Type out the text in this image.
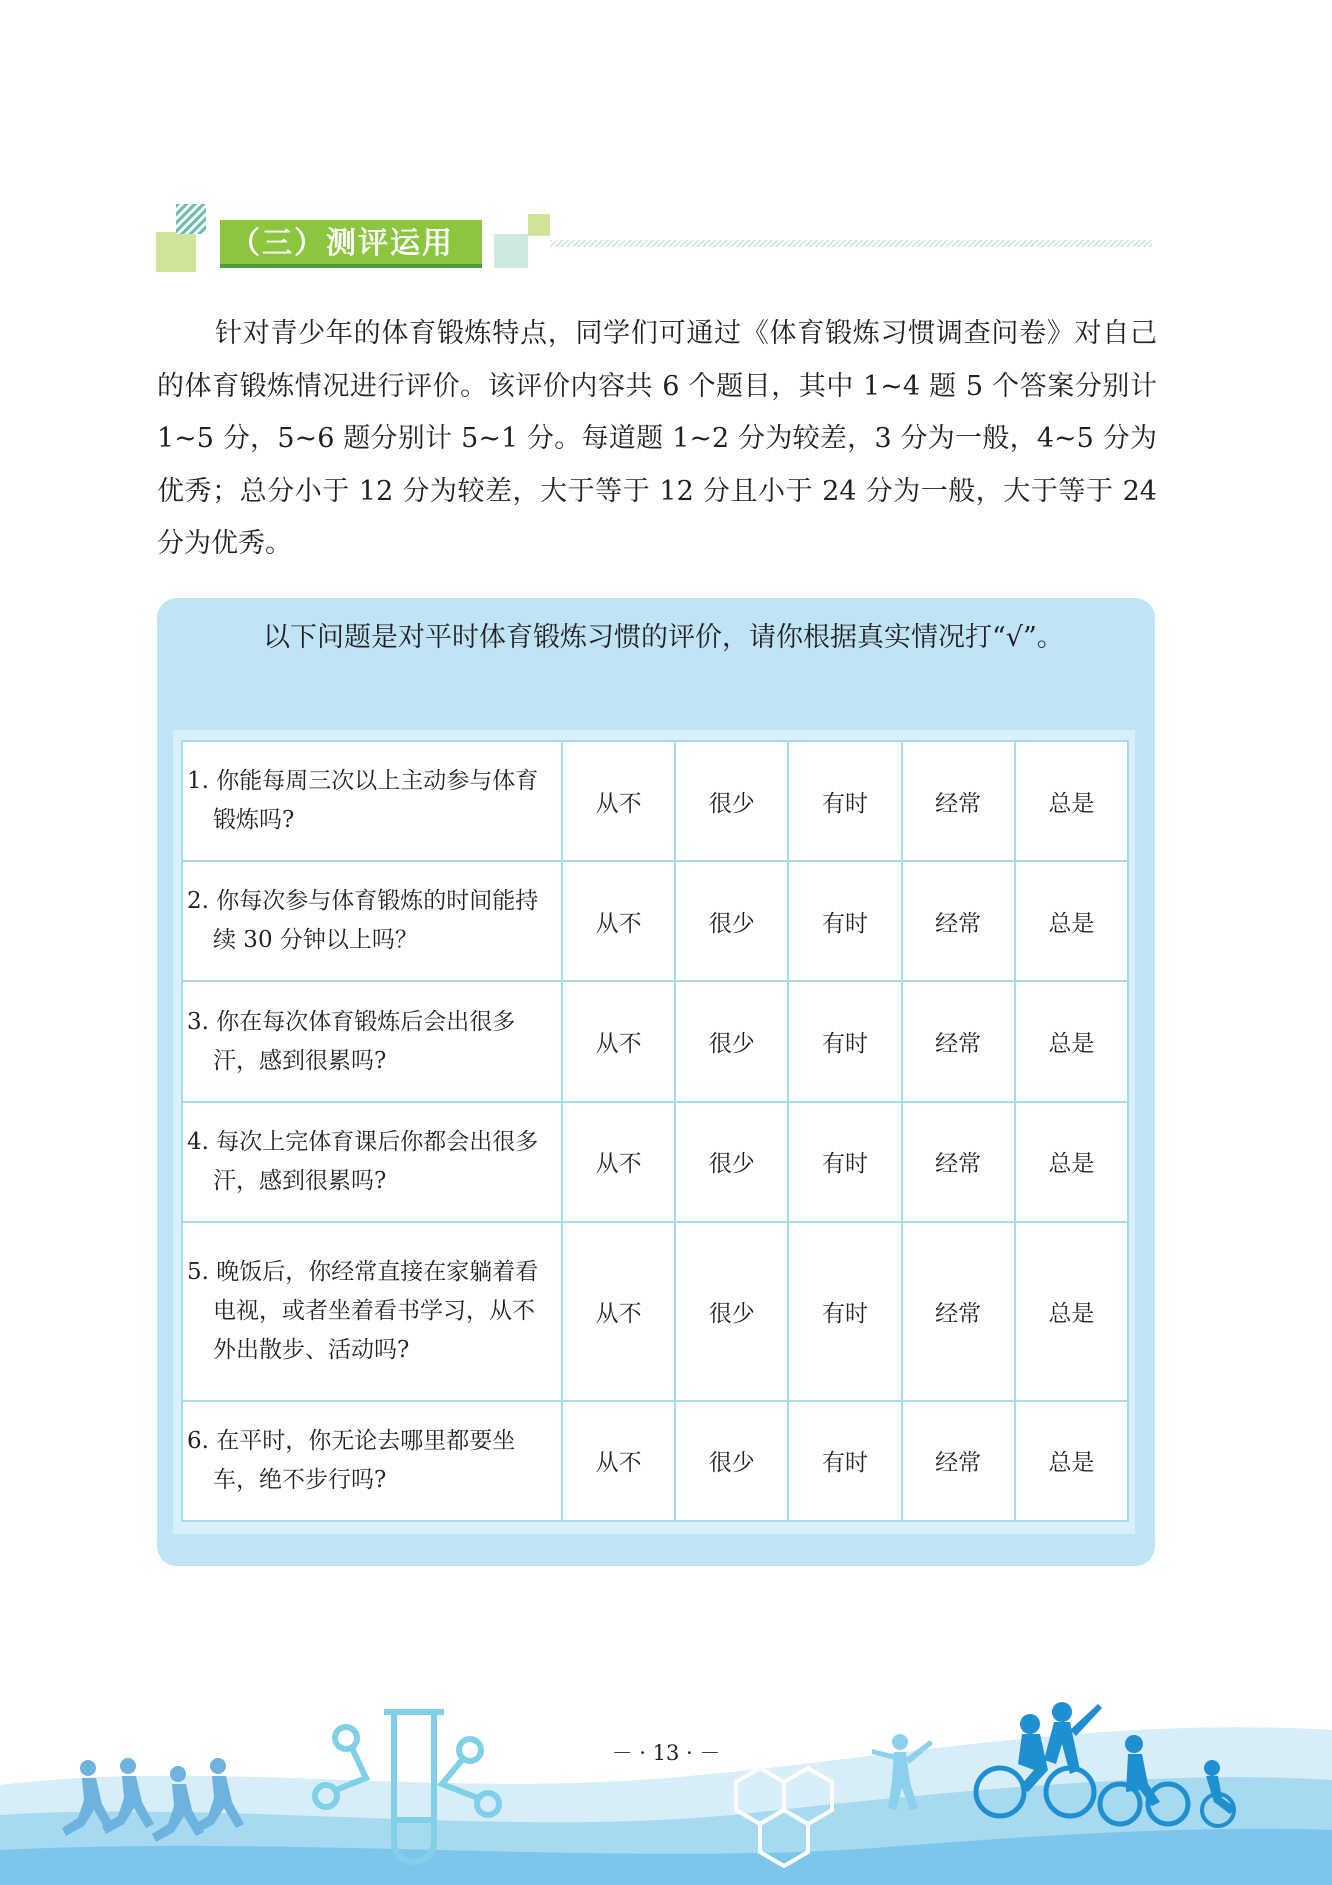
（三）测评运用

针对青少年的体育锻炼特点，同学们可通过《体育锻炼习惯调查问卷》对自己的体育锻炼情况进行评价。该评价内容共 6 个题目，其中 1~4 题 5 个答案分别计 1~5 分，5~6 题分别计 5~1 分。每道题 1~2 分为较差，3 分为一般，4~5 分为优秀；总分小于 12 分为较差，大于等于 12 分且小于 24 分为一般，大于等于 24 分为优秀。

以下问题是对平时体育锻炼习惯的评价，请你根据真实情况打“√”。

1. 你能每周三次以上主动参与体育锻炼吗?	从不	很少	有时	经常	总是

2. 你每次参与体育锻炼的时间能持续 30 分钟以上吗？	从不	很少	有时	经常	总是

3. 你在每次体育锻炼后会出很多汗，感到很累吗?	从不	很少	有时	经常	总是

4. 每次上完体育课后你都会出很多汗，感到很累吗?	从不	很少	有时	经常	总是

5. 晚饭后，你经常直接在家躺着看电视，或者坐着看书学习，从不外出散步、活动吗?	从不	很少	有时	经常	总是

6. 在平时，你无论去哪里都要坐车，绝不步行吗?	从不	很少	有时	经常	总是
－ · 13 · －
